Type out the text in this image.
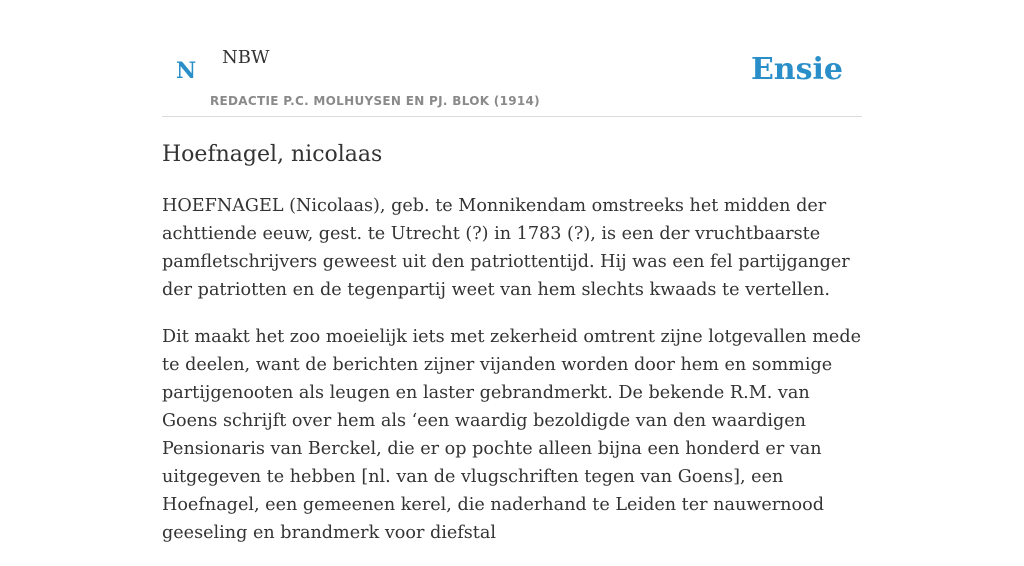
N
NBW
REDACTIE P.C. MOLHUYSEN EN PJ. BLOK (1914)
Ensie
Hoefnagel, nicolaas

HOEFNAGEL (Nicolaas), geb. te Monnikendam omstreeks het midden der achttiende eeuw, gest. te Utrecht (?) in 1783 (?), is een der vruchtbaarste pamfletschrijvers geweest uit den patriottentijd. Hij was een fel partijganger der patriotten en de tegenpartij weet van hem slechts kwaads te vertellen.

Dit maakt het zoo moeielijk iets met zekerheid omtrent zijne lotgevallen mede te deelen, want de berichten zijner vijanden worden door hem en sommige partijgenooten als leugen en laster gebrandmerkt. De bekende R.M. van Goens schrijft over hem als ‘een waardig bezoldigde van den waardigen Pensionaris van Berckel, die er op pochte alleen bijna een honderd er van uitgegeven te hebben [nl. van de vlugschriften tegen van Goens], een Hoefnagel, een gemeenen kerel, die naderhand te Leiden ter nauwernood geeseling en brandmerk voor diefstal
